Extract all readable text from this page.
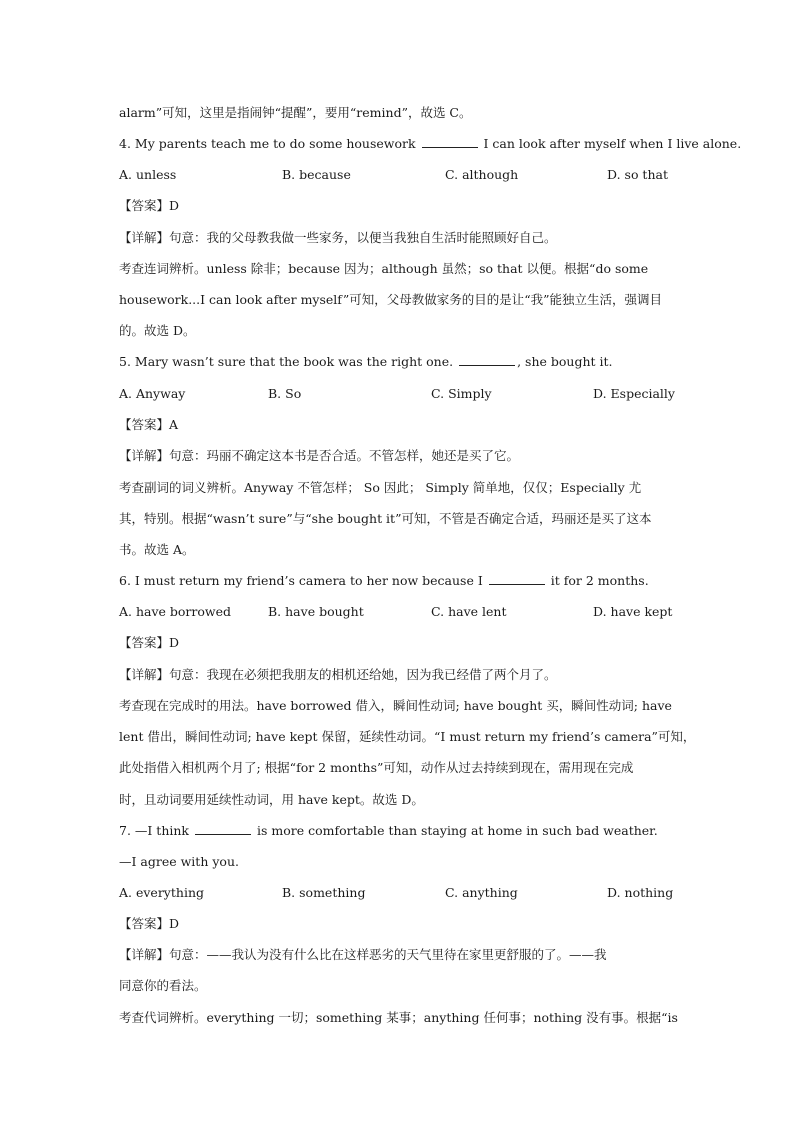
alarm”可知，这里是指闹钟“提醒”，要用“remind”，故选 C。
4. My parents teach me to do some housework	I can look after myself when I live alone.
A. unless	B. because	C. although	D. so that
【答案】D
【详解】句意：我的父母教我做一些家务，以便当我独自生活时能照顾好自己。
考查连词辨析。unless 除非；because 因为；although 虽然；so that 以便。根据“do some
housework...I can look after myself”可知，父母教做家务的目的是让“我”能独立生活，强调目
的。故选 D。
5. Mary wasn’t sure that the book was the right one.	, she bought it.
A. Anyway	B. So	C. Simply	D. Especially
【答案】A
【详解】句意：玛丽不确定这本书是否合适。不管怎样，她还是买了它。
考查副词的词义辨析。Anyway 不管怎样； So 因此； Simply 简单地，仅仅；Especially 尤
其，特别。根据“wasn’t sure”与“she bought it”可知，不管是否确定合适，玛丽还是买了这本
书。故选 A。
6. I must return my friend’s camera to her now because I	it for 2 months.
A. have borrowed	B. have bought	C. have lent	D. have kept
【答案】D
【详解】句意：我现在必须把我朋友的相机还给她，因为我已经借了两个月了。
考查现在完成时的用法。have borrowed 借入，瞬间性动词; have bought 买，瞬间性动词; have
lent 借出，瞬间性动词; have kept 保留，延续性动词。“I must return my friend’s camera”可知，
此处指借入相机两个月了; 根据“for 2 months”可知，动作从过去持续到现在，需用现在完成
时，且动词要用延续性动词，用 have kept。故选 D。
7. —I think	is more comfortable than staying at home in such bad weather.
—I agree with you.
A. everything	B. something	C. anything	D. nothing
【答案】D
【详解】句意：——我认为没有什么比在这样恶劣的天气里待在家里更舒服的了。——我
同意你的看法。
考查代词辨析。everything 一切；something 某事；anything 任何事；nothing 没有事。根据“is
